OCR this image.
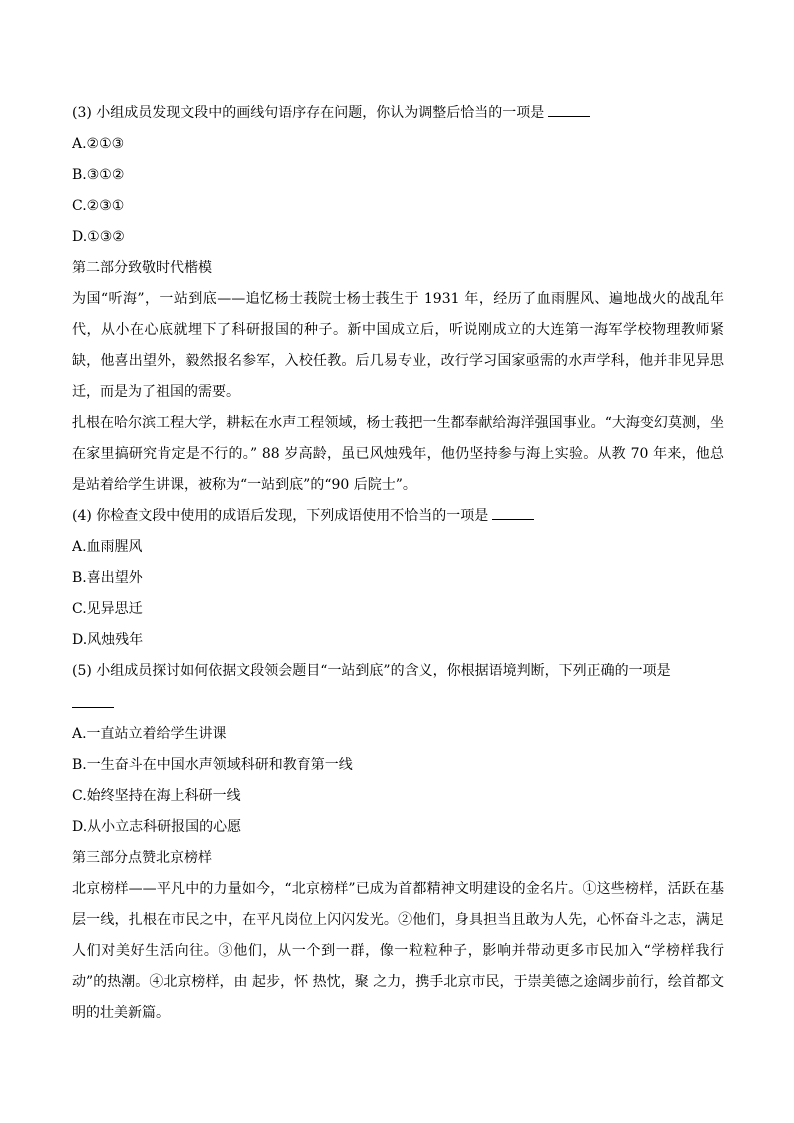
(3) 小组成员发现文段中的画线句语序存在问题，你认为调整后恰当的一项是
A.②①③
B.③①②
C.②③①
D.①③②
第二部分致敬时代楷模
为国“听海”，一站到底——追忆杨士莪院士杨士莪生于 1931 年，经历了血雨腥风、遍地战火的战乱年代，从小在心底就埋下了科研报国的种子。新中国成立后，听说刚成立的大连第一海军学校物理教师紧缺，他喜出望外，毅然报名参军，入校任教。后几易专业，改行学习国家亟需的水声学科，他并非见异思迁，而是为了祖国的需要。
扎根在哈尔滨工程大学，耕耘在水声工程领域，杨士莪把一生都奉献给海洋强国事业。“大海变幻莫测，坐在家里搞研究肯定是不行的。” 88 岁高龄，虽已风烛残年，他仍坚持参与海上实验。从教 70 年来，他总是站着给学生讲课，被称为“一站到底”的“90 后院士”。
(4) 你检查文段中使用的成语后发现，下列成语使用不恰当的一项是
A.血雨腥风
B.喜出望外
C.见异思迁
D.风烛残年
(5) 小组成员探讨如何依据文段领会题目“一站到底”的含义，你根据语境判断，下列正确的一项是
A.一直站立着给学生讲课
B.一生奋斗在中国水声领域科研和教育第一线
C.始终坚持在海上科研一线
D.从小立志科研报国的心愿
第三部分点赞北京榜样
北京榜样——平凡中的力量如今，“北京榜样”已成为首都精神文明建设的金名片。①这些榜样，活跃在基层一线，扎根在市民之中，在平凡岗位上闪闪发光。②他们，身具担当且敢为人先，心怀奋斗之志，满足人们对美好生活向往。③他们，从一个到一群，像一粒粒种子，影响并带动更多市民加入“学榜样我行动”的热潮。④北京榜样，由 起步，怀 热忱，聚 之力，携手北京市民，于崇美德之途阔步前行，绘首都文明的壮美新篇。
